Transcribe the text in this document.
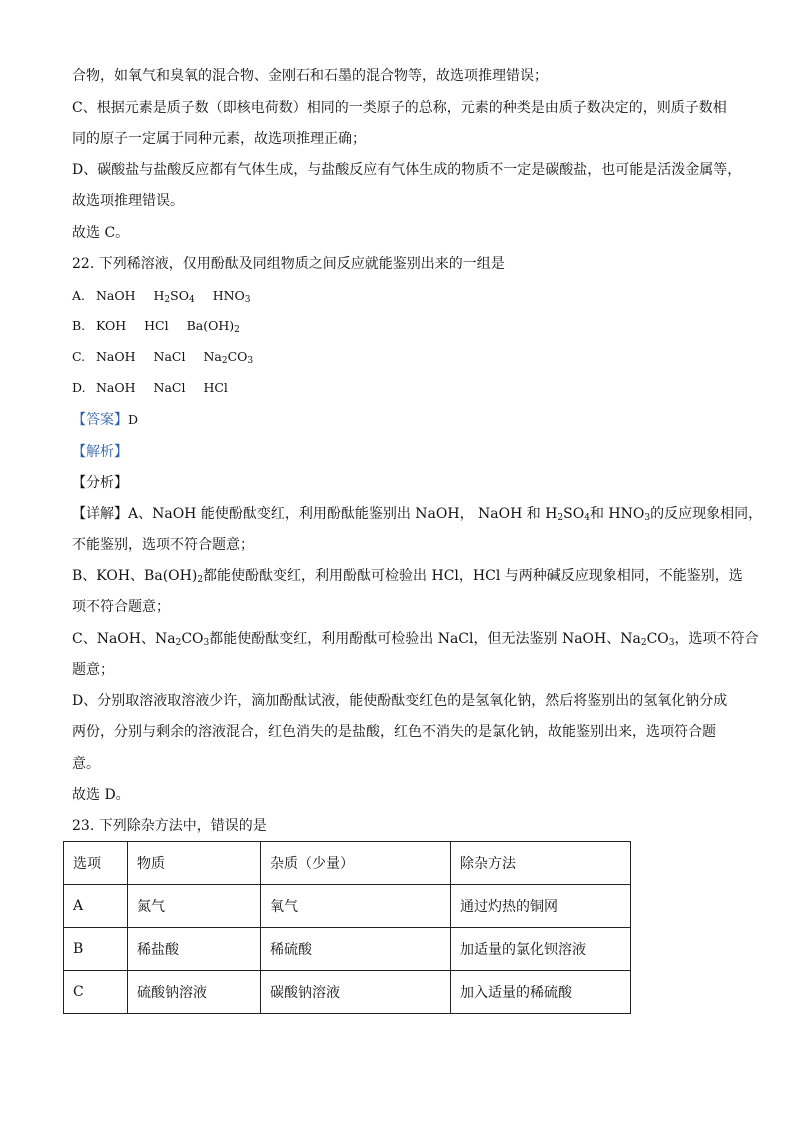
合物，如氧气和臭氧的混合物、金刚石和石墨的混合物等，故选项推理错误；
C、根据元素是质子数（即核电荷数）相同的一类原子的总称，元素的种类是由质子数决定的，则质子数相
同的原子一定属于同种元素，故选项推理正确；
D、碳酸盐与盐酸反应都有气体生成，与盐酸反应有气体生成的物质不一定是碳酸盐，也可能是活泼金属等，
故选项推理错误。
故选 C。
22. 下列稀溶液，仅用酚酞及同组物质之间反应就能鉴别出来的一组是
A. NaOH $H_2SO_4$ $HNO_3$
B. KOH HCl $Ba(OH)_2$
C. NaOH NaCl $Na_2CO_3$
D. NaOH NaCl HCl
【答案】D
【解析】
【分析】
【详解】A、NaOH 能使酚酞变红，利用酚酞能鉴别出 NaOH， NaOH 和 $H_2SO_4$和 $HNO_3$的反应现象相同，
不能鉴别，选项不符合题意；
B、KOH、$Ba(OH)_2$都能使酚酞变红，利用酚酞可检验出 HCl，HCl 与两种碱反应现象相同，不能鉴别，选
项不符合题意；
C、NaOH、$Na_2CO_3$都能使酚酞变红，利用酚酞可检验出 NaCl，但无法鉴别 NaOH、$Na_2CO_3$，选项不符合
题意；
D、分别取溶液取溶液少许，滴加酚酞试液，能使酚酞变红色的是氢氧化钠，然后将鉴别出的氢氧化钠分成
两份，分别与剩余的溶液混合，红色消失的是盐酸，红色不消失的是氯化钠，故能鉴别出来，选项符合题
意。
故选 D。
23. 下列除杂方法中，错误的是
选项	物质	杂质（少量）	除杂方法
A	氮气	氧气	通过灼热的铜网
B	稀盐酸	稀硫酸	加适量的氯化钡溶液
C	硫酸钠溶液	碳酸钠溶液	加入适量的稀硫酸
